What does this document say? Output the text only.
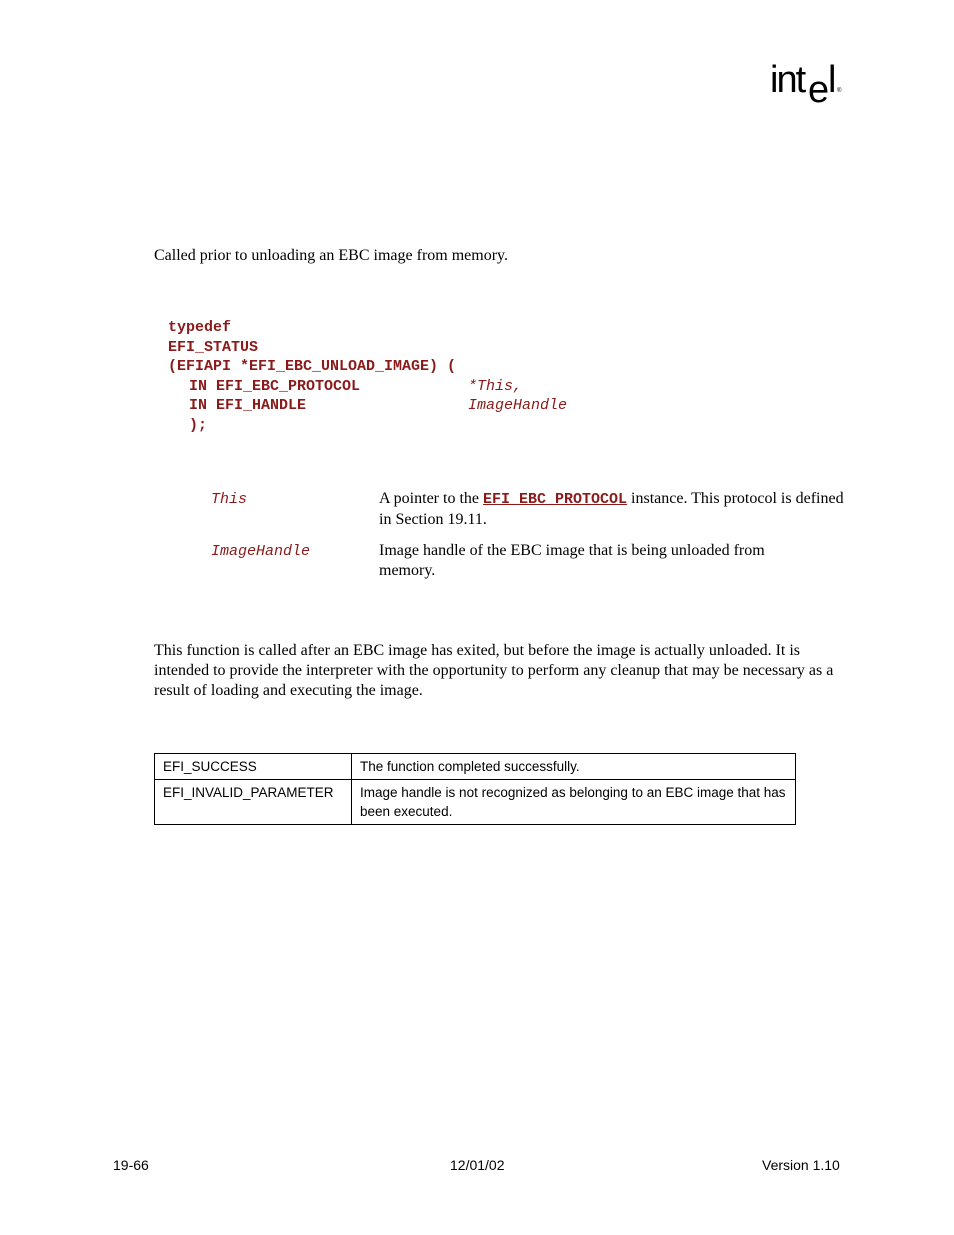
int e l ®
Called prior to unloading an EBC image from memory.
typedef
EFI_STATUS
(EFIAPI *EFI_EBC_UNLOAD_IMAGE) (
IN EFI_EBC_PROTOCOL	*This,
IN EFI_HANDLE	ImageHandle
);
This	A pointer to the EFI_EBC_PROTOCOL instance. This protocol is defined in Section 19.11.
ImageHandle	Image handle of the EBC image that is being unloaded from memory.
This function is called after an EBC image has exited, but before the image is actually unloaded. It is intended to provide the interpreter with the opportunity to perform any cleanup that may be necessary as a result of loading and executing the image.
EFI_SUCCESS	The function completed successfully.
EFI_INVALID_PARAMETER	Image handle is not recognized as belonging to an EBC image that has been executed.
19-66	12/01/02	Version 1.10
